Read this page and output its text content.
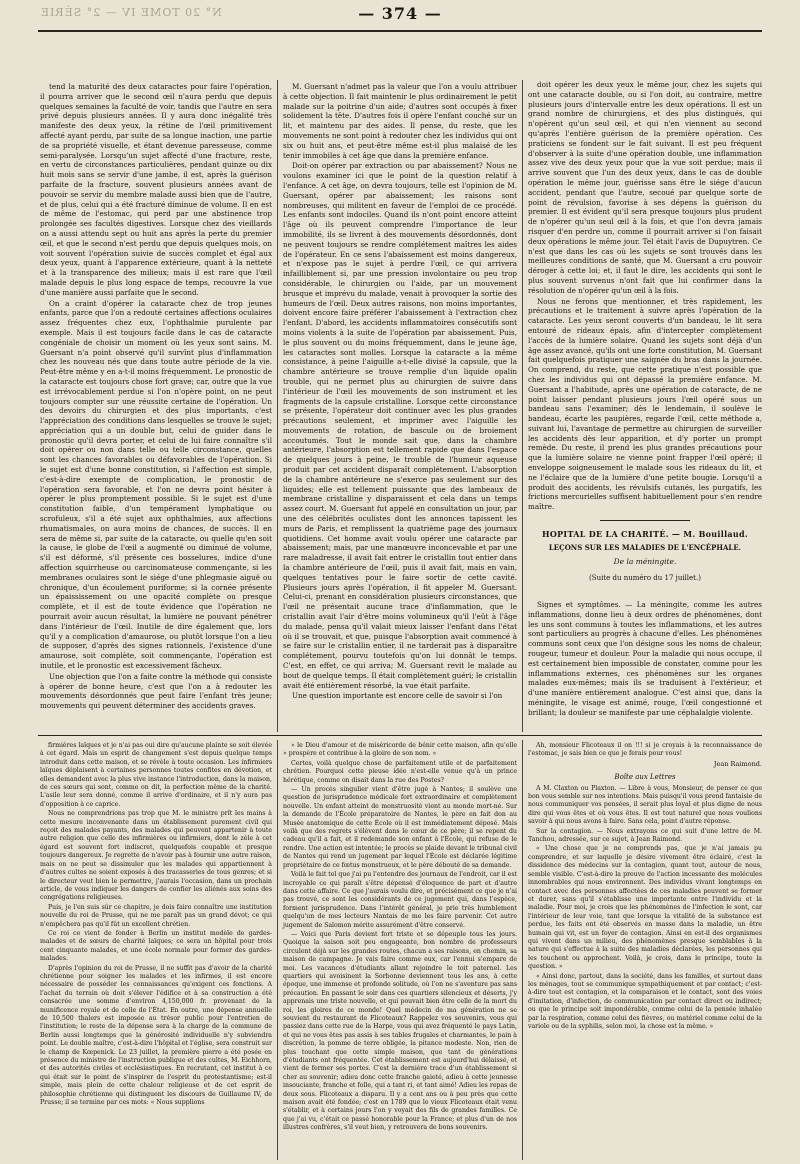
N° 20 TOME IV — 2° SÉRIE	— 374 —

tend la maturité des deux cataractes pour faire l'opération, il pourra arriver que le second œil n'aura perdu que depuis quelques semaines la faculté de voir, tandis que l'autre en sera privé depuis plusieurs années. Il y aura donc inégalité très manifeste des deux yeux, la rétine de l'œil primitivement affecté ayant perdu, par suite de sa longue inaction, une partie de sa propriété visuelle, et étant devenue paresseuse, comme semi-paralysée. Lorsqu'un sujet affecté d'une fracture, reste, en vertu de circonstances particulières, pendant quinze ou dix huit mois sans se servir d'une jambe, il est, après la guérison parfaite de la fracture, souvent plusieurs années avant de pouvoir se servir du membre malade aussi bien que de l'autre, et de plus, celui qui a été fracturé diminue de volume. Il en est de même de l'estomac, qui perd par une abstinence trop prolongée ses facultés digestives. Lorsque chez des vieillards on a aussi attendu sept ou huit ans après la perte du premier œil, et que le second n'est perdu que depuis quelques mois, on voit souvent l'opération suivie de succès complet et égal aux deux yeux, quant à l'apparence extérieure, quant à la netteté et à la transparence des milieux; mais il est rare que l'œil malade depuis le plus long espace de temps, recouvre la vue d'une manière aussi parfaite que le second.

On a craint d'opérer la cataracte chez de trop jeunes enfants, parce que l'on a redouté certaines affections oculaires assez fréquentes chez eux, l'ophthalmie purulente par exemple. Mais il est toujours facile dans le cas de cataracte congéniale de choisir un moment où les yeux sont sains. M. Guersant n'a point observé qu'il survînt plus d'inflammation chez les nouveau nés que dans toute autre période de la vie. Peut-être même y en a-t-il moins fréquemment. Le pronostic de la cataracte est toujours chose fort grave; car, outre que la vue est irrévocablement perdue si l'on n'opère point, on ne peut toujours compter sur une réussite certaine de l'opération. Un des devoirs du chirurgien et des plus importants, c'est l'appréciation des conditions dans lesquelles se trouve le sujet; appréciation qui a un double but, celui de guider dans le pronostic qu'il devra porter, et celui de lui faire connaître s'il doit opérer ou non dans telle ou telle circonstance, quelles sont les chances favorables ou défavorables de l'opération. Si le sujet est d'une bonne constitution, si l'affection est simple, c'est-à-dire exempte de complication, le pronostic de l'opération sera favorable, et l'on ne devra point hésiter à opérer le plus promptement possible. Si le sujet est d'une constitution faible, d'un tempérament lymphatique ou scrofuleux, s'il a été sujet aux ophthalmies, aux affections rhumatismales, on aura moins de chances, de succès. Il en sera de même si, par suite de la cataracte, ou quelle qu'en soit la cause, le globe de l'œil a augmenté ou diminué de volume, s'il est déformé, s'il présente ces bosselures, indice d'une affection squirrheuse ou carcinomateuse commençante, si les membranes oculaires sont le siége d'une phlegmasie aiguë ou chronique, d'un écoulement puriforme; si la cornée présente un épaississement ou une opacité complète ou presque complète, et il est de toute évidence que l'opération ne pourrait avoir aucun résultat, la lumière ne pouvant pénétrer dans l'intérieur de l'œil. Inutile de dire également que, lors qu'il y a complication d'amaurose, ou plutôt lorsque l'on a lieu de supposer, d'après des signes rationnels, l'existence d'une amaurose, soit complète, soit commençante, l'opération est inutile, et le pronostic est excessivement fâcheux.

Une objection que l'on a faite contre la méthode qui consiste à opérer de bonne heure, c'est que l'on a à redouter les mouvements désordonnés que peut faire l'enfant très jeune; mouvements qui peuvent déterminer des accidents graves.

M. Guersant n'admet pas la valeur que l'on a voulu attribuer à cette objection. Il fait maintenir le plus ordinairement le petit malade sur la poitrine d'un aide; d'autres sont occupés à fixer solidement la tête. D'autres fois il opère l'enfant couché sur un lit, et maintenu par des aides. Il pense, du reste, que les mouvements ne sont point à redouter chez les individus qui ont six ou huit ans, et peut-être même est-il plus malaisé de les tenir immobiles à cet âge que dans la première enfance.

Doit-on opérer par extraction ou par abaissement? Nous ne voulons examiner ici que le point de la question relatif à l'enfance. A cet âge, on devra toujours, telle est l'opinion de M. Guersant, opérer par abaissement; les raisons sont nombreuses, qui militent en faveur de l'emploi de ce procédé. Les enfants sont indociles. Quand ils n'ont point encore atteint l'âge où ils peuvent comprendre l'importance de leur immobilité, ils se livrent à des mouvements désordonnés, dont ne peuvent toujours se rendre complétement maîtres les aides de l'opérateur. En ce sens l'abaissement est moins dangereux, et n'expose pas le sujet à perdre l'œil, ce qui arrivera infailliblement si, par une pression involontaire ou peu trop considérable, le chirurgien ou l'aide, par un mouvement brusque et imprévu du malade, venait à provoquer la sortie des humeurs de l'œil. Deux autres raisons, non moins importantes, doivent encore faire préférer l'abaissement à l'extraction chez l'enfant. D'abord, les accidents inflammatoires consécutifs sont moins violents à la suite de l'opération par abaissement. Puis, le plus souvent ou du moins fréquemment, dans le jeune âge, les cataractes sont molles. Lorsque la cataracte a la même consistance, à peine l'aiguille a-t-elle divisé la capsule, que la chambre antérieure se trouve remplie d'un liquide opalin trouble, qui ne permet plus au chirurgien de suivre dans l'intérieur de l'œil les mouvements de son instrument et les fragments de la capsule cristalline. Lorsque cette circonstance se présente, l'opérateur doit continuer avec les plus grandes précautions seulement, et imprimer avec l'aiguille les mouvements de rotation, de bascule ou de broiement accoutumés. Tout le monde sait que, dans la chambre antérieure, l'absorption est tellement rapide que dans l'espace de quelques jours à peine, le trouble de l'humeur aqueuse produit par cet accident disparaît complétement. L'absorption de la chambre antérieure ne s'exerce pas seulement sur des liquides; elle est tellement puissante que des lambeaux de membrane cristalline y disparaissent et cela dans un temps assez court. M. Guersant fut appelé en consultation un jour, par une des célébrités oculistes dont les annonces tapissent les murs de Paris, et remplissent la quatrième page des journaux quotidiens. Cet homme avait voulu opérer une cataracte par abaissement; mais, par une manœuvre inconcevable et par une rare maladresse, il avait fait entrer le cristallin tout entier dans la chambre antérieure de l'œil, puis il avait fait, mais en vain, quelques tentatives pour le faire sortir de cette cavité. Plusieurs jours après l'opération, il fit appeler M. Guersant. Celui-ci, prenant en considération plusieurs circonstances, que l'œil ne présentait aucune trace d'inflammation, que le cristallin avait l'air d'être moins volumineux qu'il l'eût à l'âge du malade, pensa qu'il valait mieux laisser l'enfant dans l'état où il se trouvait, et que, puisque l'absorption avait commencé à se faire sur le cristallin entier, il ne tarderait pas à disparaître complétement, pourvu toutefois qu'on lui donnât le temps. C'est, en effet, ce qui arriva; M. Guersant revit le malade au bout de quelque temps. Il était complètement guéri; le cristallin avait été entièrement résorbé, la vue était parfaite.

Une question importante est encore celle de savoir si l'on

doit opérer les deux yeux le même jour, chez les sujets qui ont une cataracte double, ou si l'on doit, au contraire, mettre plusieurs jours d'intervalle entre les deux opérations. Il est un grand nombre de chirurgiens, et des plus distingués, qui n'opèrent qu'un seul œil, et qui n'en viennent au second qu'après l'entière guérison de la première opération. Ces praticiens se fondent sur le fait suivant. Il est peu fréquent d'observer à la suite d'une opération double, une inflammation assez vive des deux yeux pour que la vue soit perdue; mais il arrive souvent que l'un des deux yeux, dans le cas de double opération le même jour, guérisse sans être le siége d'aucun accident, pendant que l'autre, secoué par quelque sorte de point de révulsion, favorise à ses dépens la guérison du premier. Il est évident qu'il sera presque toujours plus prudent de n'opérer qu'un seul œil à la fois, et que l'on devra jamais risquer d'en perdre un, comme il pourrait arriver si l'on faisait deux opérations le même jour. Tel était l'avis de Dupuytren. Ce n'est que dans les cas où les sujets se sont trouvés dans les meilleures conditions de santé, que M. Guersant a cru pouvoir déroger à cette loi; et, il faut le dire, les accidents qui sont le plus souvent survenus n'ont fait que lui confirmer dans la résolution de n'opérer qu'un œil à la fois.

Nous ne ferons que mentionner, et très rapidement, les précautions et le traitement à suivre après l'opération de la cataracte. Les yeux seront couverts d'un bandeau, le lit sera entouré de rideaux épais, afin d'intercepter complètement l'accès de la lumière solaire. Quand les sujets sont déjà d'un âge assez avancé, qu'ils ont une forte constitution, M. Guersant fait quelquefois pratiquer une saignée du bras dans la journée. On comprend, du reste, que cette pratique n'est possible que chez les individus qui ont dépassé la première enfance. M. Guersant a l'habitude, après une opération de cataracte, de ne point laisser pendant plusieurs jours l'œil opéré sous un bandeau sans l'examiner; dès le lendemain, il soulève le bandeau, écarte les paupières, regarde l'œil, cette méthode a, suivant lui, l'avantage de permettre au chirurgien de surveiller les accidents dès leur apparition, et d'y porter un prompt remède. Du reste, il prend les plus grandes précautions pour que la lumière solaire ne vienne point frapper l'œil opéré; il enveloppe soigneusement le malade sous les rideaux du lit, et ne l'éclaire que de la lumière d'une petite bougie. Lorsqu'il a produit des accidents, les révulsifs cutanés, les purgatifs, les frictions mercurielles suffisent habituellement pour s'en rendre maître.

HOPITAL DE LA CHARITÉ. — M. Bouillaud.
LEÇONS SUR LES MALADIES DE L'ENCÉPHALE.
De la méningite.
(Suite du numéro du 17 juillet.)

Signes et symptômes. — La méningite, comme les autres inflammations, donne lieu à deux ordres de phénomènes, dont les uns sont communs à toutes les inflammations, et les autres sont particuliers au progrès à chacune d'elles. Les phénomènes communs sont ceux que l'on désigne sous les noms de chaleur, rougeur, tumeur et douleur. Pour la maladie qui nous occupe, il est certainement bien impossible de constater, comme pour les inflammations externes, ces phénomènes sur les organes malades eux-mêmes; mais ils se traduisent à l'extérieur, et d'une manière entièrement analogue. C'est ainsi que, dans la méningite, le visage est animé, rouge, l'œil congestionné et brillant; la douleur se manifeste par une céphalalgie violente.

firmières laïques et je n'ai pas oui dire qu'aucune plainte se soit élevée à cet égard. Mais un esprit de changement s'est depuis quelque temps introduit dans cette maison, et se révèle à toute occasion. Les infirmiers laïques déplaisent à certaines personnes toutes confites en dévotion, et elles demandent avec la plus vive instance l'introduction, dans la maison, de ces sœurs qui sont, comme on dit, la perfection même de la charité. L'asile leur sera donné, comme il arrive d'ordinaire, et il n'y aura pas d'opposition à ce caprice.

Nous ne comprendrions pas trop que M. le ministre prît les mains à cette mesure inconvenante dans un établissement purement civil qui reçoit des malades payants, des malades qui peuvent appartenir à toute autre religion que celle des infirmières ou infirmiers, dont le zèle à cet égard est souvent fort indiscret, quelquefois coupable et presque toujours dangereux. Je regrette de n'avoir pas à fournir une autre raison, mais on ne peut se dissimuler que les malades qui appartiennent à d'autres cultes ne soient exposés à des tracasseries de tous genres; et si le directeur veut bien le permettre, j'aurais l'occasion, dans un prochain article, de vous indiquer les dangers de confier les aliénés aux soins des congrégations religieuses.

Puis, je l'en suis sûr ce chapitre, je dois faire connaître une institution nouvelle du roi de Prusse, qui ne me paraît pas un grand dévot; ce qui n'empêchera pas qu'il fût un excellent chrétien.

Ce roi ce vient de fonder à Berlin un institut modèle de gardes-malades et de sœurs de charité laïques; ce sera un hôpital pour trois cent cinquante malades, et une école normale pour former des gardes-malades.

D'après l'opinion du roi de Prusse, il ne suffit pas d'avoir de la charité chrétienne pour soigner les malades et les infirmes, il est encore nécessaire de posséder les connaissances qu'exigent ces fonctions. A l'achat du terrain où doit s'élever l'édifice et à sa construction a été consacrée une somme d'environ 4,150,000 fr. provenant de la munificence royale et de celle de l'État. En outre, une dépense annuelle de 10,500 thalers est imposée au trésor public pour l'entretien de l'institution; le reste de la dépense sera à la charge de la commune de Berlin aussi longtemps que la générosité individuelle n'y subviendra point. Le double maître, c'est-à-dire l'hôpital et l'église, sera construit sur le champ de Kœpenick. Le 23 juillet, la première pierre a été posée en présence du ministre de l'instruction publique et des cultes, M. Eichhorn, et des autorités civiles et ecclésiastiques. En recrutant, cet institut à ce qui était sur le point de s'inspirer de l'esprit du protestantisme; est-il simple, mais plein de cette chaleur religieuse et de cet esprit de philosophie chrétienne qui distinguent les discours de Guillaume IV, de Prusse; il se termine par ces mots: « Nous supplions

» le Dieu d'amour et de miséricorde de bénir cette maison, afin qu'elle » prospère et contribue à la gloire de son nom. »

Certes, voilà quelque chose de parfaitement utile et de parfaitement chrétien. Pourquoi cette pieuse idée n'est-elle venue qu'à un prince hérétique, comme on disait dans la rue des Postes?

— Un procès singulier vient d'être jugé à Nantes; il soulève une question de jurisprudence médicale fort extraordinaire et complètement nouvelle. Un enfant atteint de monstruosité vient au monde mort-né. Sur la demande de l'École préparatoire de Nantes, le père en fait don au Musée anatomique de cette École où il est immédiatement déposé. Mais voilà que des regrets s'élèvent dans le cœur de ce père; il se repent du cadeau qu'il a fait, et il redemande son enfant à l'École, qui refuse de le rendre. Une action est intentée; le procès se plaide devant le tribunal civil de Nantes qui rend un jugement par lequel l'École est déclarée légitime propriétaire de ce fœtus monstrueux, et le père débouté de sa demande.

Voilà le fait tel que j'ai pu l'entendre des journaux de l'endroit, car il est incroyable ce qui paraît s'être dépensé d'éloquence de part et d'autre dans cette affaire. Ce que j'aurais voulu dire, et précisément ce que je n'ai pas trouvé, ce sont les considérants de ce jugement qui, dans l'espèce, forment jurisprudence. Dans l'intérêt général, je prie très humblement quelqu'un de mes lecteurs Nantais de me les faire parvenir. Cet autre jugement de Salomon mérite assurément d'être conservé.

— Voici que Paris devient fort triste et se dépeuple tous les jours. Quoique la saison soit peu engageante, bon nombre de professeurs circulent déjà sur les grandes routes, chacun a ses raisons, en chemin, sa maison de campagne. Je vais faire comme eux, car l'ennui s'empare de moi. Les vacances d'étudiants allant rejoindre le toit paternel. Les quartiers qui avoisinent la Sorbonne deviennent tous les ans, à cette époque, une immense et profonde solitude, où l'on ne s'aventure pas sans précaution. En passant le soir dans ces quartiers silencieux et déserts, j'y apprenais une triste nouvelle, et qui pouvait bien être celle de la mort du roi, les gloires de ce monde! Quel médecin de ma génération ne se souvient du restaurant de Flicoteaux? Rappelez vos souvenirs, vous qui passiez dans cette rue de la Harpe, vous qui avez fréquenté le pays Latin, et qui ne vous êtes pas assis à ses tables frugales et charmantes, le pain à discrétion, la pomme de terre obligée, la pitance modeste. Non, rien de plus touchant que cette simple maison, que tant de générations d'étudiants ont fréquentée. Cet établissement est aujourd'hui délaissé, et vient de fermer ses portes. C'est la dernière trace d'un établissement si cher au souvenir; adieu donc cette franche gaieté, adieu à cette jeunesse insouciante, franche et folle, qui a tant ri, et tant aimé! Adieu les repas de deux sous. Flicoteaux a disparu. Il y a cent ans ou à peu près que cette maison avait été fondée; c'est en 1789 que le vieux Flicoteaux était venu s'établir, et à certains jours l'on y voyait des fils de grandes familles. Ce que j'ai vu, c'était ce passé honorable pour la France; et plus d'un de nos illustres confrères, s'il veut bien, y retrouvera de bons souvenirs.

Ah, monsieur Flicoteaux il on !!! si je croyais à la reconnaissance de l'estomac, je sais bien ce que je ferais pour vous!

Jean Raimond.
Boîte aux Lettres

A M. Claxton ou Plaxton. — Libre à vous, Monsieur, de penser ce que bon vous semble sur nos intentions. Mais puisqu'il vous prend fantaisie de nous communiquer vos pensées, il serait plus loyal et plus digne de nous dire qui vous êtes et où vous êtes. Il est tout naturel que nous voulions savoir à qui nous avons à faire. Sans cela, point d'autre réponse.

Sur la contagion. — Nous extrayons ce qui suit d'une lettre de M. Tanchou, adressée, sur ce sujet, à Jean Raimond.

« Une chose que je ne comprends pas, que je n'ai jamais pu comprendre, et sur laquelle je désire vivement être éclairé, c'est la dissidence des médecins sur la contagion, quant tout, autour de nous, semble visible. C'est-à-dire la preuve de l'action incessante des molécules innombrables qui nous environnent. Des individus vivant longtemps en contact avec des personnes affectées de ces maladies peuvent se former et durer, sans qu'il s'établisse une importante entre l'individu et la maladie. Pour moi, je crois que les phénomènes de l'infection le sont, car l'intérieur de leur voie, tant que lorsque la vitalité de la substance est perdue, les faits ont été observés en masse dans la maladie, un être humain qui vit, est un foyer de contagion. Ainsi en est-il des organismes qui vivent dans un milieu, des phénomènes presque semblables à la nature qui s'effectue à la suite des maladies déclarées, les personnes qui les touchent ou approchent. Voilà, je crois, dans le principe, toute la question. »

« Ainsi donc, partout, dans la société, dans les familles, et surtout dans les ménages, tout se communique sympathiquement et par contact; c'est-à-dire tout est contagion, et la comparaison et le contact, sont des voies d'imitation, d'infection, de communication par contact direct ou indirect; ou que le principe soit impondérable, comme celui de la pensée inhalée par la respiration, comme celui des fièvres, ou matériel comme celui de la variole ou de la syphilis, selon moi, la chose est la même. »
